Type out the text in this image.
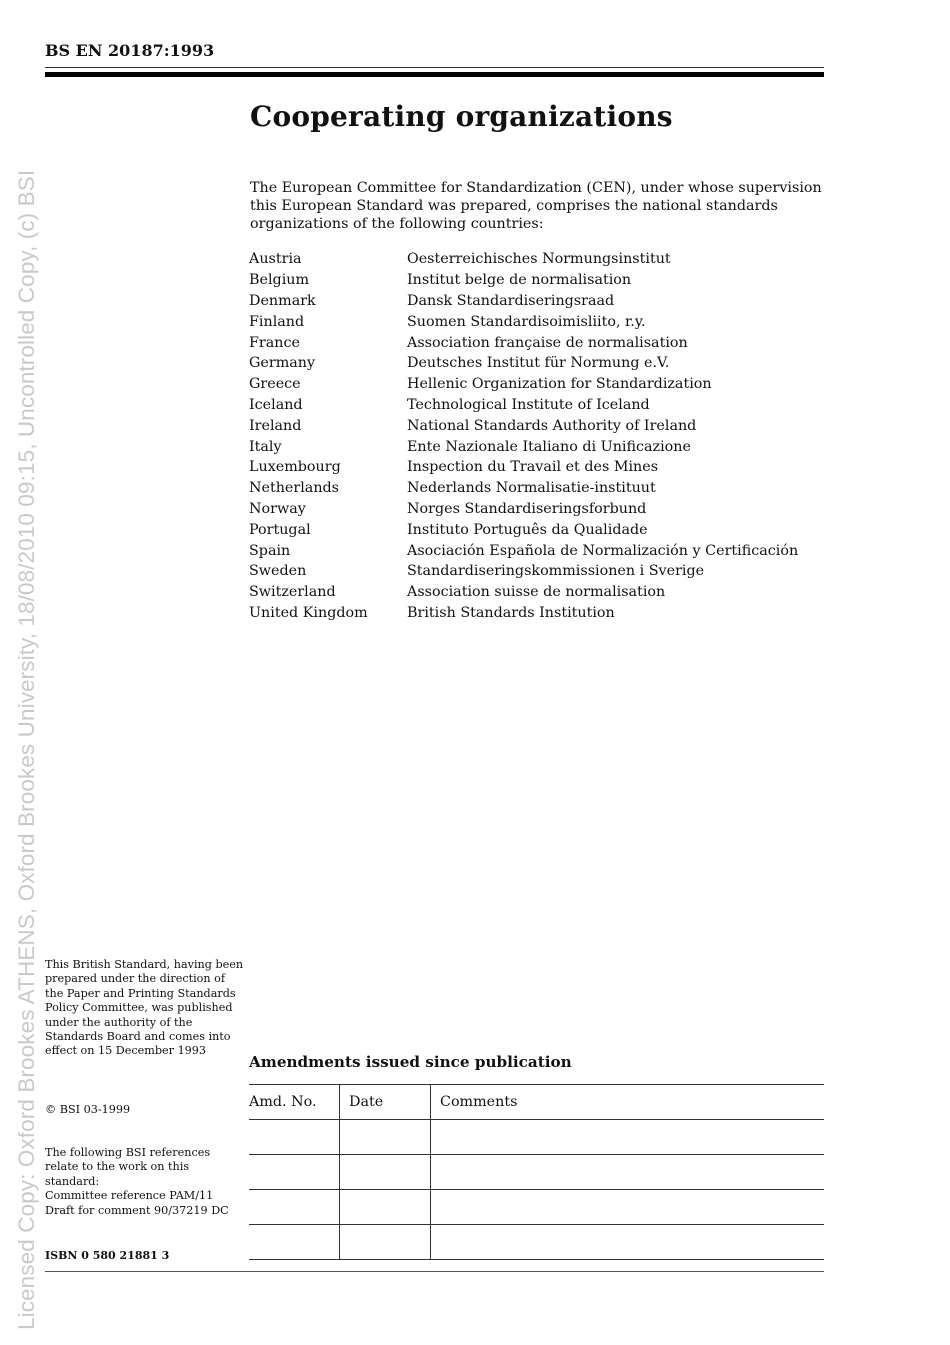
Licensed Copy: Oxford Brookes ATHENS, Oxford Brookes University, 18/08/2010 09:15, Uncontrolled Copy, (c) BSI
BS EN 20187:1993
Cooperating organizations
The European Committee for Standardization (CEN), under whose supervision this European Standard was prepared, comprises the national standards organizations of the following countries:
Austria	Oesterreichisches Normungsinstitut
Belgium	Institut belge de normalisation
Denmark	Dansk Standardiseringsraad
Finland	Suomen Standardisoimisliito, r.y.
France	Association française de normalisation
Germany	Deutsches Institut für Normung e.V.
Greece	Hellenic Organization for Standardization
Iceland	Technological Institute of Iceland
Ireland	National Standards Authority of Ireland
Italy	Ente Nazionale Italiano di Unificazione
Luxembourg	Inspection du Travail et des Mines
Netherlands	Nederlands Normalisatie-instituut
Norway	Norges Standardiseringsforbund
Portugal	Instituto Português da Qualidade
Spain	Asociación Española de Normalización y Certificación
Sweden	Standardiseringskommissionen i Sverige
Switzerland	Association suisse de normalisation
United Kingdom	British Standards Institution
This British Standard, having been prepared under the direction of the Paper and Printing Standards Policy Committee, was published under the authority of the Standards Board and comes into effect on 15 December 1993
© BSI 03-1999
The following BSI references relate to the work on this standard:
Committee reference PAM/11
Draft for comment 90/37219 DC
ISBN 0 580 21881 3
Amendments issued since publication
Amd. No.	Date	Comments
